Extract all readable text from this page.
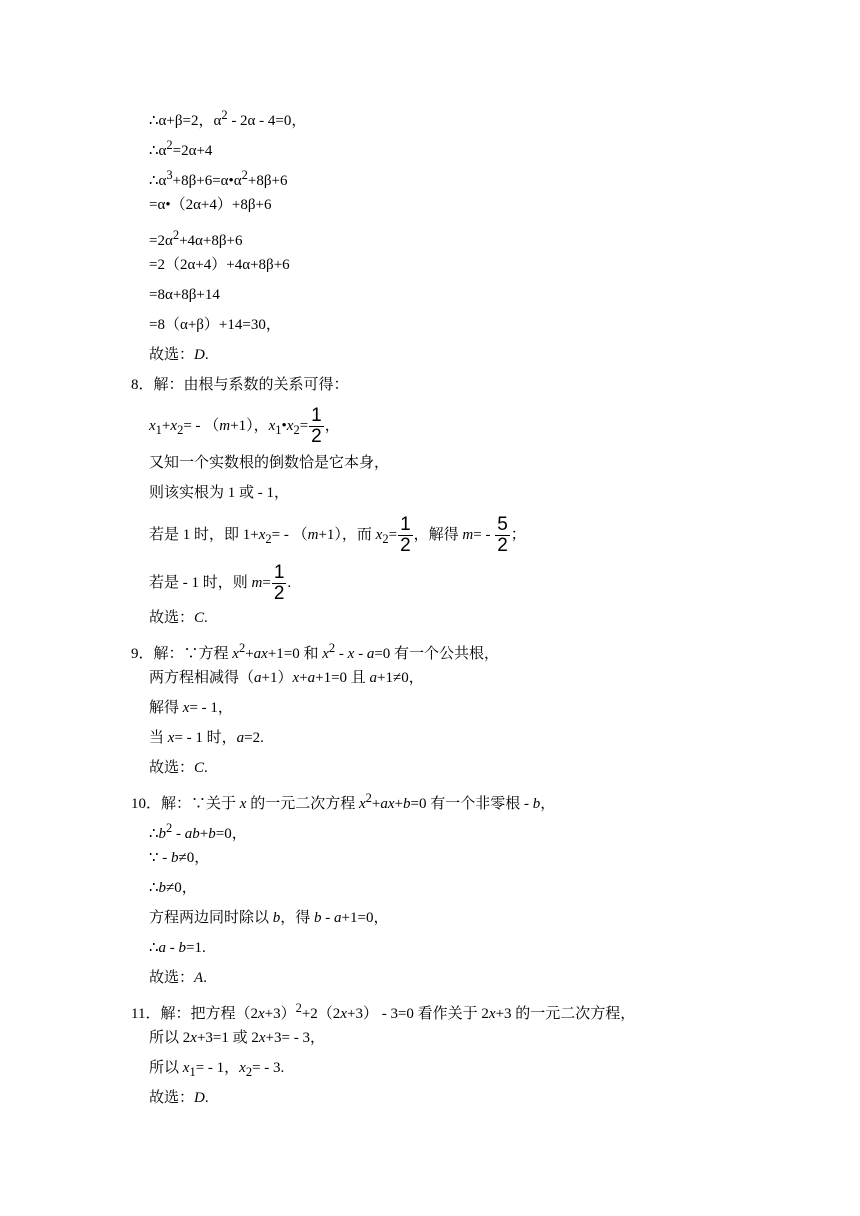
∴α+β=2，$\alpha^2 - 2\alpha - 4=0$，
$\therefore\alpha^2=2\alpha+4$
$\therefore\alpha^3+8\beta+6=\alpha•\alpha^2+8\beta+6$
=α•（2α+4）+8β+6
$=2\alpha^2+4\alpha+8\beta+6$
=2（2α+4）+4α+8β+6
=8α+8β+14
=8（α+β）+14=30，
故选：D.
8．解：由根与系数的关系可得：
$x_1+x_2= - (m+1)$，$x_1•x_2= \frac{1}{2}$ ，
又知一个实数根的倒数恰是它本身，
则该实根为 1 或 - 1，
若是 1 时，即 $1+x_2= - (m+1)$，而 $x_2= \frac{1}{2}$ ，解得 $m= - \frac{5}{2}$ ；
若是 - 1 时，则 $m= \frac{1}{2}$ .
故选：C.
9．解：∵方程 $x^2+ax+1=0$ 和 $x^2 - x - a=0$ 有一个公共根，
两方程相减得（a+1）x+a+1=0 且 a+1≠0，
解得 x= - 1，
当 x= - 1 时，a=2.
故选：C.
10．解：∵关于 x 的一元二次方程 $x^2+ax+b=0$ 有一个非零根 - b，
$\therefore b^2 - ab+b=0$，
∵ - b≠0，
∴b≠0，
方程两边同时除以 b，得 b - a+1=0，
∴a - b=1.
故选：A.
11．解：把方程$(2x+3)^2+2(2x+3) - 3=0$ 看作关于 2x+3 的一元二次方程，
所以 2x+3=1 或 2x+3= - 3，
所以 $x_1= - 1$，$x_2= - 3$.
故选：D.
